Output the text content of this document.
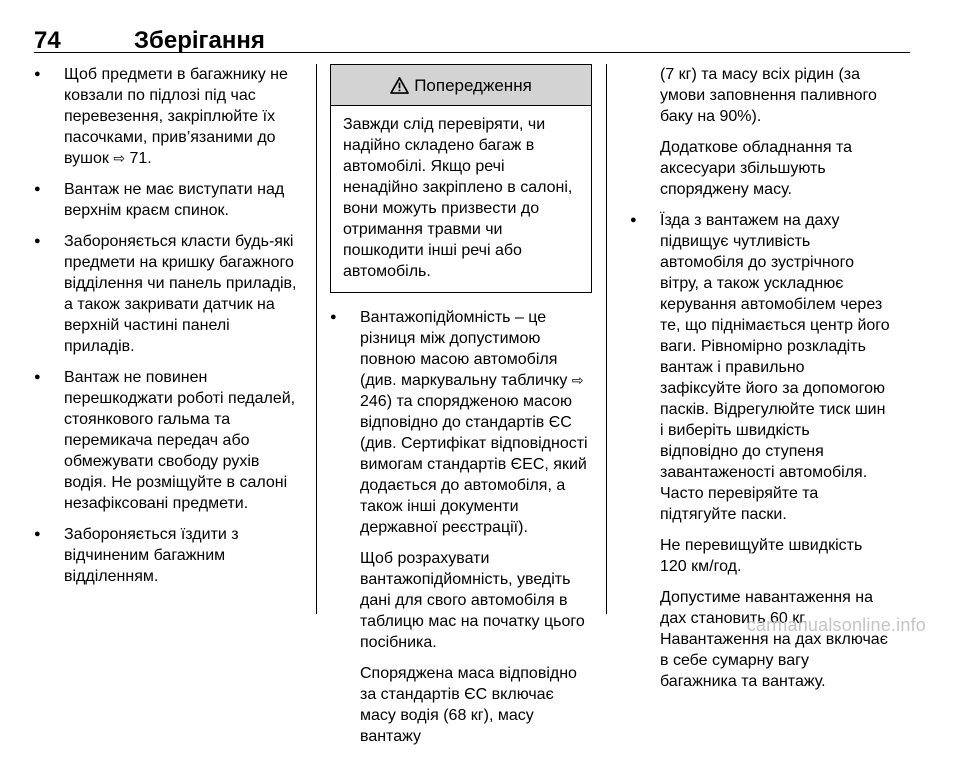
74	Зберігання
● Щоб предмети в багажнику не ковзали по підлозі під час перевезення, закріплюйте їх пасочками, прив’язаними до вушок ⇨ 71.
● Вантаж не має виступати над верхнім краєм спинок.
● Забороняється класти будь-які предмети на кришку багажного відділення чи панель приладів, а також закривати датчик на верхній частині панелі приладів.
● Вантаж не повинен перешкоджати роботі педалей, стоянкового гальма та перемикача передач або обмежувати свободу рухів водія. Не розміщуйте в салоні незафіксовані предмети.
● Забороняється їздити з відчиненим багажним відділенням.
Попередження
Завжди слід перевіряти, чи надійно складено багаж в автомобілі. Якщо речі ненадійно закріплено в салоні, вони можуть призвести до отримання травми чи пошкодити інші речі або автомобіль.
● Вантажопідйомність – це різниця між допустимою повною масою автомобіля (див. маркувальну табличку ⇨ 246) та спорядженою масою відповідно до стандартів ЄС (див. Сертифікат відповідності вимогам стандартів ЄЕС, який додається до автомобіля, а також інші документи державної реєстрації).
Щоб розрахувати вантажопідйомність, уведіть дані для свого автомобіля в таблицю мас на початку цього посібника.
Споряджена маса відповідно за стандартів ЄС включає масу водія (68 кг), масу вантажу
(7 кг) та масу всіх рідин (за умови заповнення паливного баку на 90%).
Додаткове обладнання та аксесуари збільшують споряджену масу.
● Їзда з вантажем на даху підвищує чутливість автомобіля до зустрічного вітру, а також ускладнює керування автомобілем через те, що піднімається центр його ваги. Рівномірно розкладіть вантаж і правильно зафіксуйте його за допомогою пасків. Відрегулюйте тиск шин і виберіть швидкість відповідно до ступеня завантаженості автомобіля. Часто перевіряйте та підтягуйте паски.
Не перевищуйте швидкість 120 км/год.
Допустиме навантаження на дах становить 60 кг. Навантаження на дах включає в себе сумарну вагу багажника та вантажу.
carmanualsonline.info
